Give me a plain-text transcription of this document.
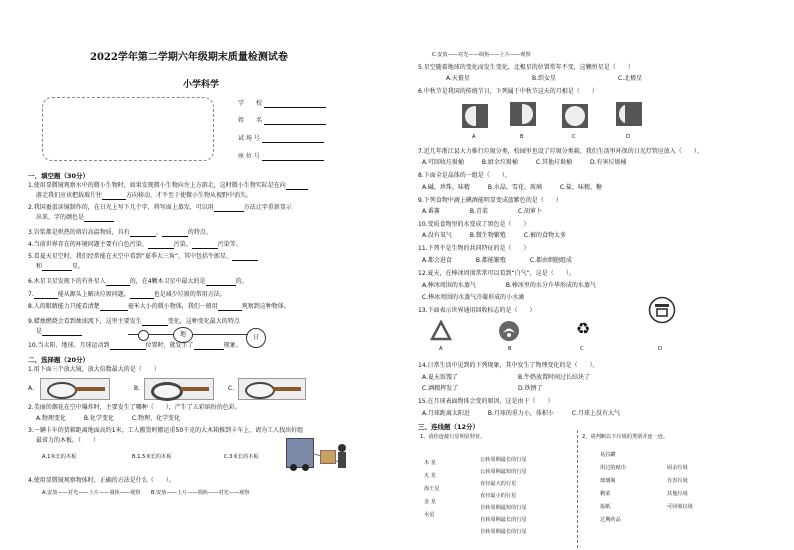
2022学年第二学期六年级期末质量检测试卷
小学科学
学　　校
姓　　名
试 场 号
座 位 号
一、填空题（30分）
1.使用显微镜观察水中的微小生物时，如果发现微小生物向左上方游走，这时微小生物实际是在向
游走我们应该把载玻片往	方向移动，才不至于使微小生物从视野中消失。
2.我国蚕蛋读镜制作的，在日光上写下几个字，将写面上蒸发，可以用	方法让字重新显示
出来，字的颜色是
3.岩浆都是炽热的熔岩高温物质，具有	、	的特点。
4.当前世界存在的环境问题主要有白色污染、	污染、	污染等。
5.看夏天星空时，我们经常能在天空中看到“夏季大三角”，其中包括牛郎星、
和	星。
6.木星卫星发现下的有外星人	的，在4颗木卫星中最大的是	的。
7.	能从源头上解决垃圾问题，	也是减少垃圾的常用方法。
8.人的眼睛能力只能看清楚	毫米大小的微小物体，我们一般用	观察到这种物体。
9.蜡烛燃烧会看到烛油流下，这里主要发生	变化，这种变化最大的特点
是	地	日
10.当太阳、地球、月球运动到	位置时，就发生了	现象。
二、选择题（20分）
1.用下面三个放大镜，放大倍数最大的是（　　）
A.	B.	C.
2.美丽的烟花在空中爆炸时，主要发生了哪种（　　），产生了五彩缤纷的色彩。
A.物理变化　　　B.化学变化　　　C.物理、化学变化
3.一辆卡车的货箱距离地面高约1米，工人搬货时搬运重50千克的大木箱推到卡车上，请为工人找出好组
最省力的木板。（　　）
A.1米长的木板	B.1.5米长的木板	C.3米长的木板
4.使用显微镜观察物体时，正确的方法是什么（　　）。
A.安放——对光——上片——调焦——观察　　B.安放——上片——调焦——对光——观察
C.安放——对光——调焦——上片——观察
5.星空随着地球的变化而发生变化，北极星的位置常年不变，这颗恒星是（　　）
A.天狼星	B.织女星	C.北极星
6.中秋节是我国的传统节日，下列属于中秋节这天的月相是（　　）
A	B	C	D
7.近几年浙江县大力推行垃圾分类，校园里也设了垃圾分类箱，我们生活里环保的日光灯管应放入（　　）。
A.可回收垃圾桶　　　B.厨余垃圾桶　　　C.其他垃圾桶　　　D.有害垃圾桶
8.下面全是晶体的一组是（　　）。
A.碱、珍珠、味精　　　B.水晶、雪花、玻璃　　　C.盐、味精、糖
9.下列食物中滴上碘酒能明显变成蓝紫色的是（　　）
A.番薯　　　　　B.青菜　　　　　C.胡萝卜
10.变质食物里的水变成了黑色是（　　）
A.没有氧气　　　B.微生物繁殖　　　C.被的食物太多
11.下列不是生物的共同特征的是（　　）
A.都会进食　　　　B.都能繁殖　　　　C.都由细胞组成
12.夏天，在棒冰周围常常可以看到“白气”，这是（　　）。
A.棒冰周围的水蒸气　　　　　B.棒冰里的水分升华形成的水蒸气
C.棒冰周围的水蒸气冷凝形成的小水滴
13.下面表示世界通用回收标志的是（　　）
♻
A	B	C	D
14.日常生活中见到的下列现象，其中发生了物理变化的是（　　）。
A.夏天饭馊了	B.牛奶放置时间过长结块了
C.酒精挥发了	D.铁锈了
15.在月球表面物体会变的原因，这是由于（　　）
A.月球距离太阳近　　　B.月球的重力小，体积小　　　C.月球上没有大气
三、连线题（12分）
1、请你连接行星明显特征。	2、请判断以下垃圾的类别并连一连。
木 星
火 星
海王星
金 星
水星
公转周期最长的行星
公转周期最短的行星
直径最大的行星
直径最小的行星
自转周期最短的行星
自转周期最长的行星
自转周期最长的行星
易拉罐
用过的纸巾
玻璃瓶
剩菜
报纸
过期药品
厨余垃圾
有害垃圾
其他垃圾
可回收垃圾
